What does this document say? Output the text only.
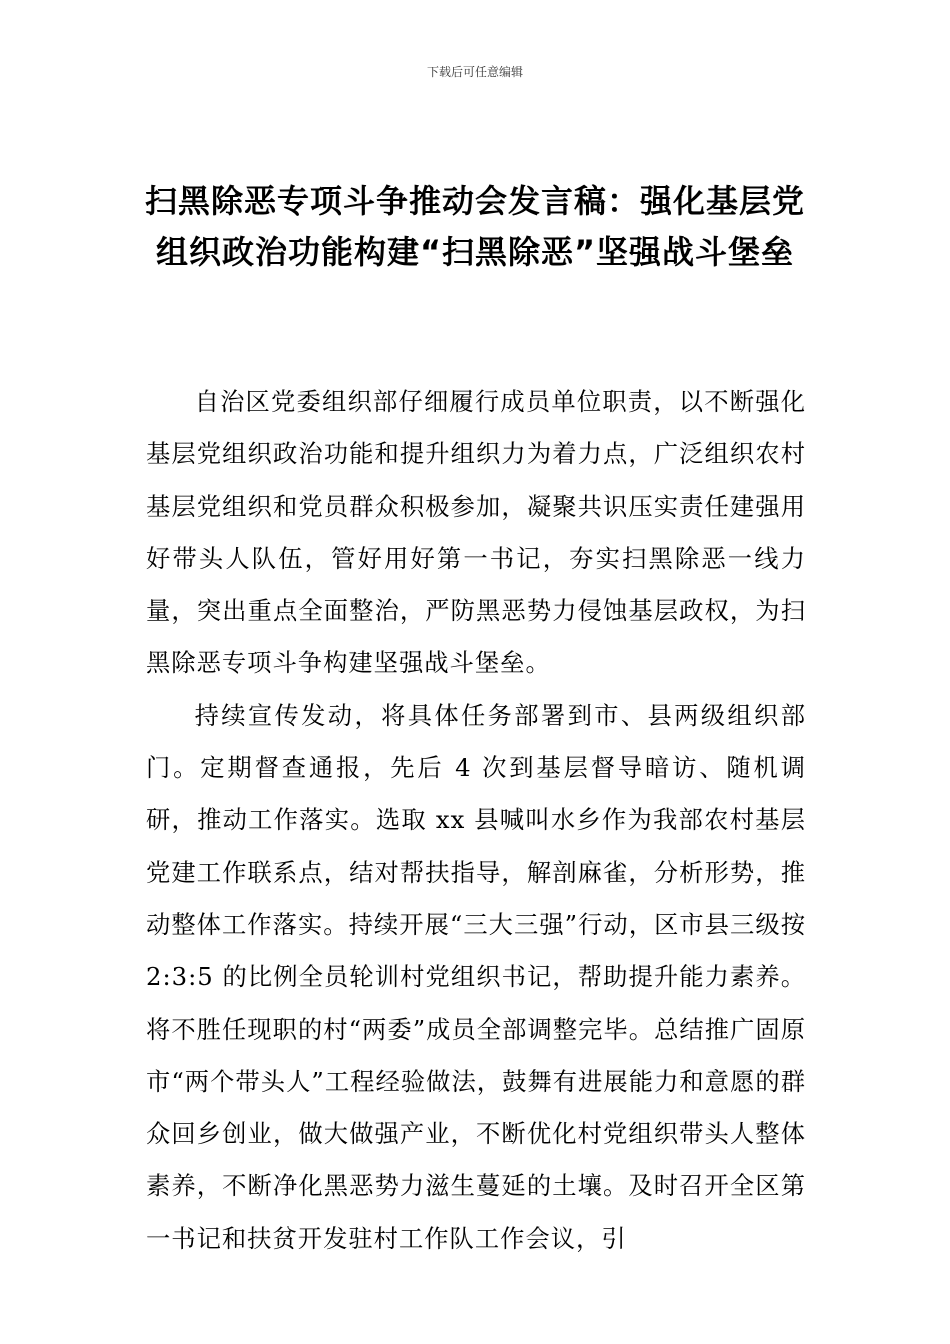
下载后可任意编辑
扫黑除恶专项斗争推动会发言稿：强化基层党组织政治功能构建“扫黑除恶”坚强战斗堡垒

自治区党委组织部仔细履行成员单位职责，以不断强化基层党组织政治功能和提升组织力为着力点，广泛组织农村基层党组织和党员群众积极参加，凝聚共识压实责任建强用好带头人队伍，管好用好第一书记，夯实扫黑除恶一线力量，突出重点全面整治，严防黑恶势力侵蚀基层政权，为扫黑除恶专项斗争构建坚强战斗堡垒。

持续宣传发动，将具体任务部署到市、县两级组织部门。定期督查通报，先后 4 次到基层督导暗访、随机调研，推动工作落实。选取 xx 县喊叫水乡作为我部农村基层党建工作联系点，结对帮扶指导，解剖麻雀，分析形势，推动整体工作落实。持续开展“三大三强”行动，区市县三级按 2:3:5 的比例全员轮训村党组织书记，帮助提升能力素养。将不胜任现职的村“两委”成员全部调整完毕。总结推广固原市“两个带头人”工程经验做法，鼓舞有进展能力和意愿的群众回乡创业，做大做强产业，不断优化村党组织带头人整体素养，不断净化黑恶势力滋生蔓延的土壤。及时召开全区第一书记和扶贫开发驻村工作队工作会议，引
